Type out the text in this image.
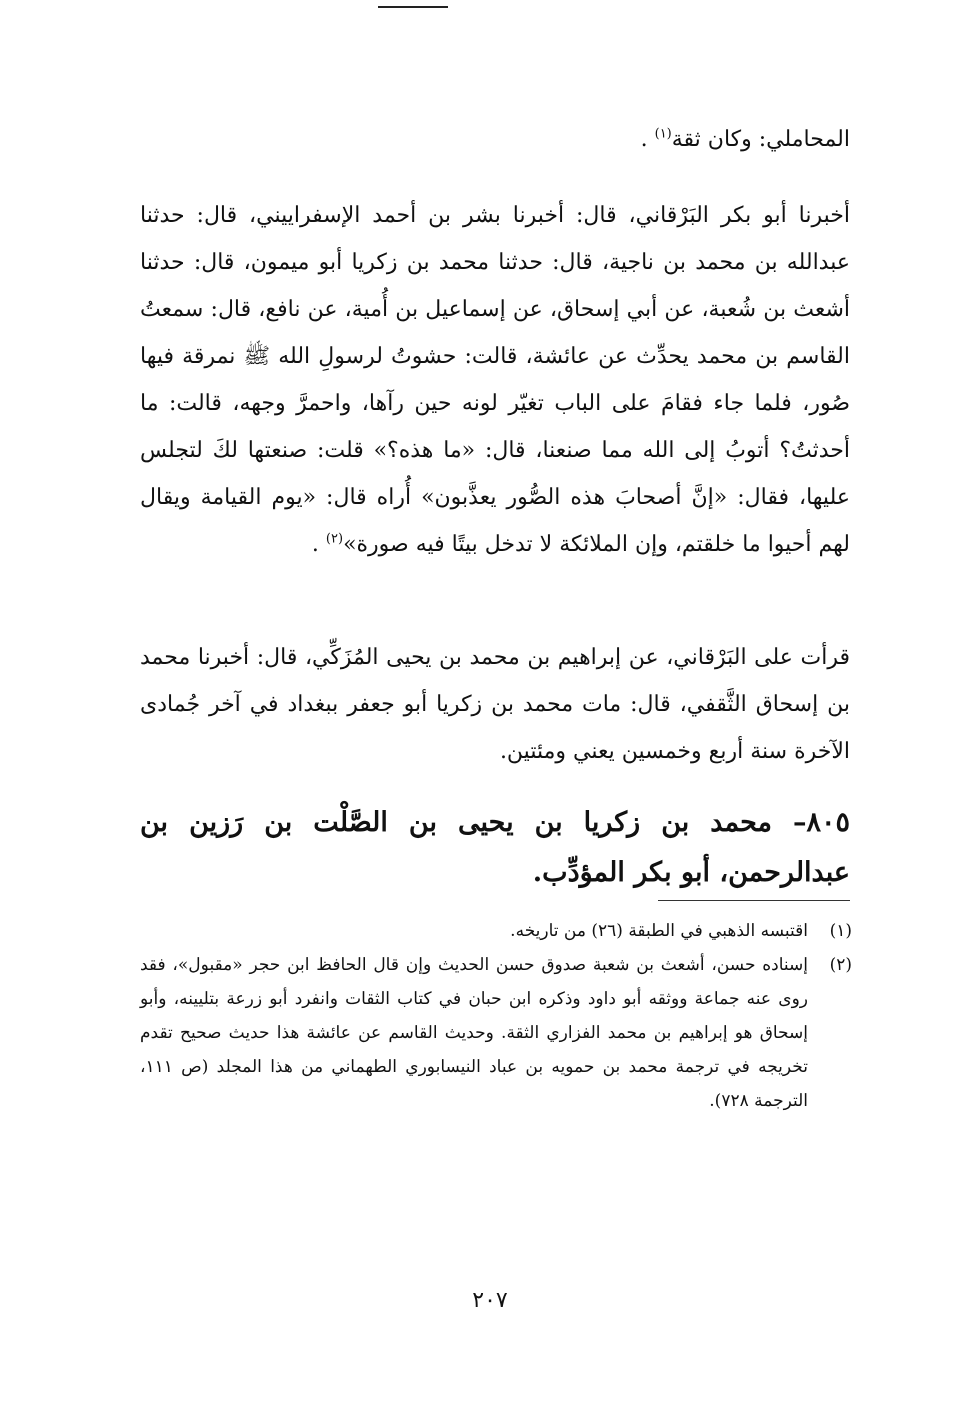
المحاملي: وكان ثقة$^{(١)}$ .

أخبرنا أبو بكر البَرْقاني، قال: أخبرنا بشر بن أحمد الإسفراييني، قال: حدثنا عبدالله بن محمد بن ناجية، قال: حدثنا محمد بن زكريا أبو ميمون، قال: حدثنا أشعث بن شُعبة، عن أبي إسحاق، عن إسماعيل بن أُمية، عن نافع، قال: سمعتُ القاسم بن محمد يحدِّث عن عائشة، قالت: حشوتُ لرسولِ الله ﷺ نمرقة فيها صُور، فلما جاء فقامَ على الباب تغيّر لونه حين رآها، واحمرَّ وجهه، قالت: ما أحدثتُ؟ أتوبُ إلى الله مما صنعنا، قال: «ما هذه؟» قلت: صنعتها لكَ لتجلس عليها، فقال: «إنَّ أصحابَ هذه الصُّور يعذَّبون» أُراه قال: «يوم القيامة ويقال لهم أحيوا ما خلقتم، وإن الملائكة لا تدخل بيتًا فيه صورة»$^{(٢)}$ .

قرأت على البَرْقاني، عن إبراهيم بن محمد بن يحيى المُزَكِّي، قال: أخبرنا محمد بن إسحاق الثَّقفي، قال: مات محمد بن زكريا أبو جعفر ببغداد في آخر جُمادى الآخرة سنة أربع وخمسين يعني ومئتين.

٨٠٥– محمد بن زكريا بن يحيى بن الصَّلْت بن رَزين بن عبدالرحمن، أبو بكر المؤدِّب.

(١)
اقتبسه الذهبي في الطبقة (٢٦) من تاريخه.
(٢)
إسناده حسن، أشعث بن شعبة صدوق حسن الحديث وإن قال الحافظ ابن حجر «مقبول»، فقد روى عنه جماعة ووثقه أبو داود وذكره ابن حبان في كتاب الثقات وانفرد أبو زرعة بتليينه، وأبو إسحاق هو إبراهيم بن محمد الفزاري الثقة. وحديث القاسم عن عائشة هذا حديث صحيح تقدم تخريجه في ترجمة محمد بن حمويه بن عباد النيسابوري الطهماني من هذا المجلد (ص ١١١، الترجمة ٧٢٨).
٢٠٧
